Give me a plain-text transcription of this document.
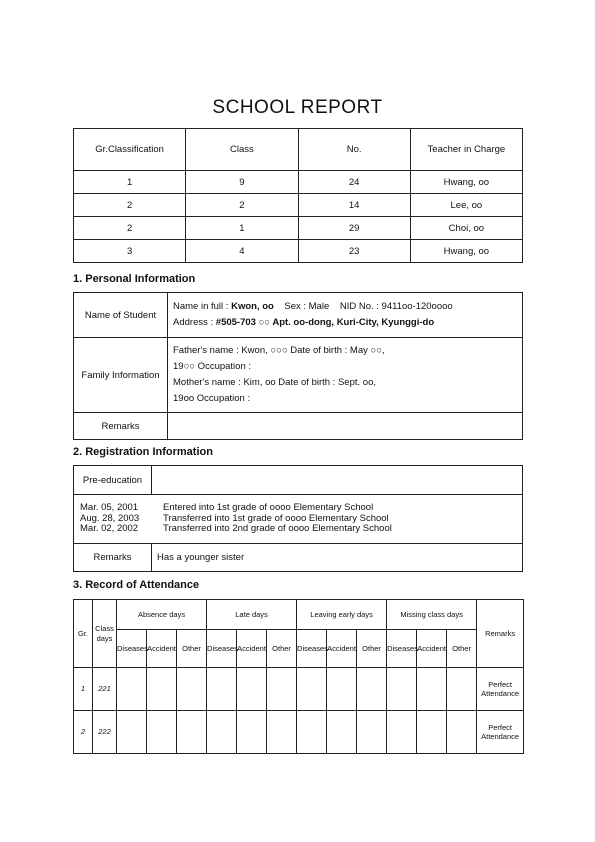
SCHOOL REPORT
Gr.Classification	Class	No.	Teacher in Charge
1	9	24	Hwang, oo
2	2	14	Lee, oo
2	1	29	Choi, oo
3	4	23	Hwang, oo
1. Personal Information
Name of Student	Name in full : Kwon, oo Sex : Male NID No. : 9411oo-120oooo
Address : #505-703 ○○ Apt. oo-dong, Kuri-City, Kyunggi-do

Family Information	Father's name : Kwon, ○○○ Date of birth : May ○○,
19○○ Occupation :
Mother's name : Kim, oo Date of birth : Sept. oo,
19oo Occupation :

Remarks	
2. Registration Information
Pre-education	

Mar. 05, 2001 Entered into 1st grade of oooo Elementary School
Aug. 28, 2003 Transferred into 1st grade of oooo Elementary School
Mar. 02, 2002 Transferred into 2nd grade of oooo Elementary School	

Remarks	Has a younger sister
3. Record of Attendance
Gr.	Class days	Absence days			Late days			Leaving early days			Missing class days			Remarks
		Diseases	Accident	Other	Diseases	Accident	Other	Diseases	Accident	Other	Diseases	Accident	Other	
1	221													Perfect Attendance
2	222													Perfect Attendance
